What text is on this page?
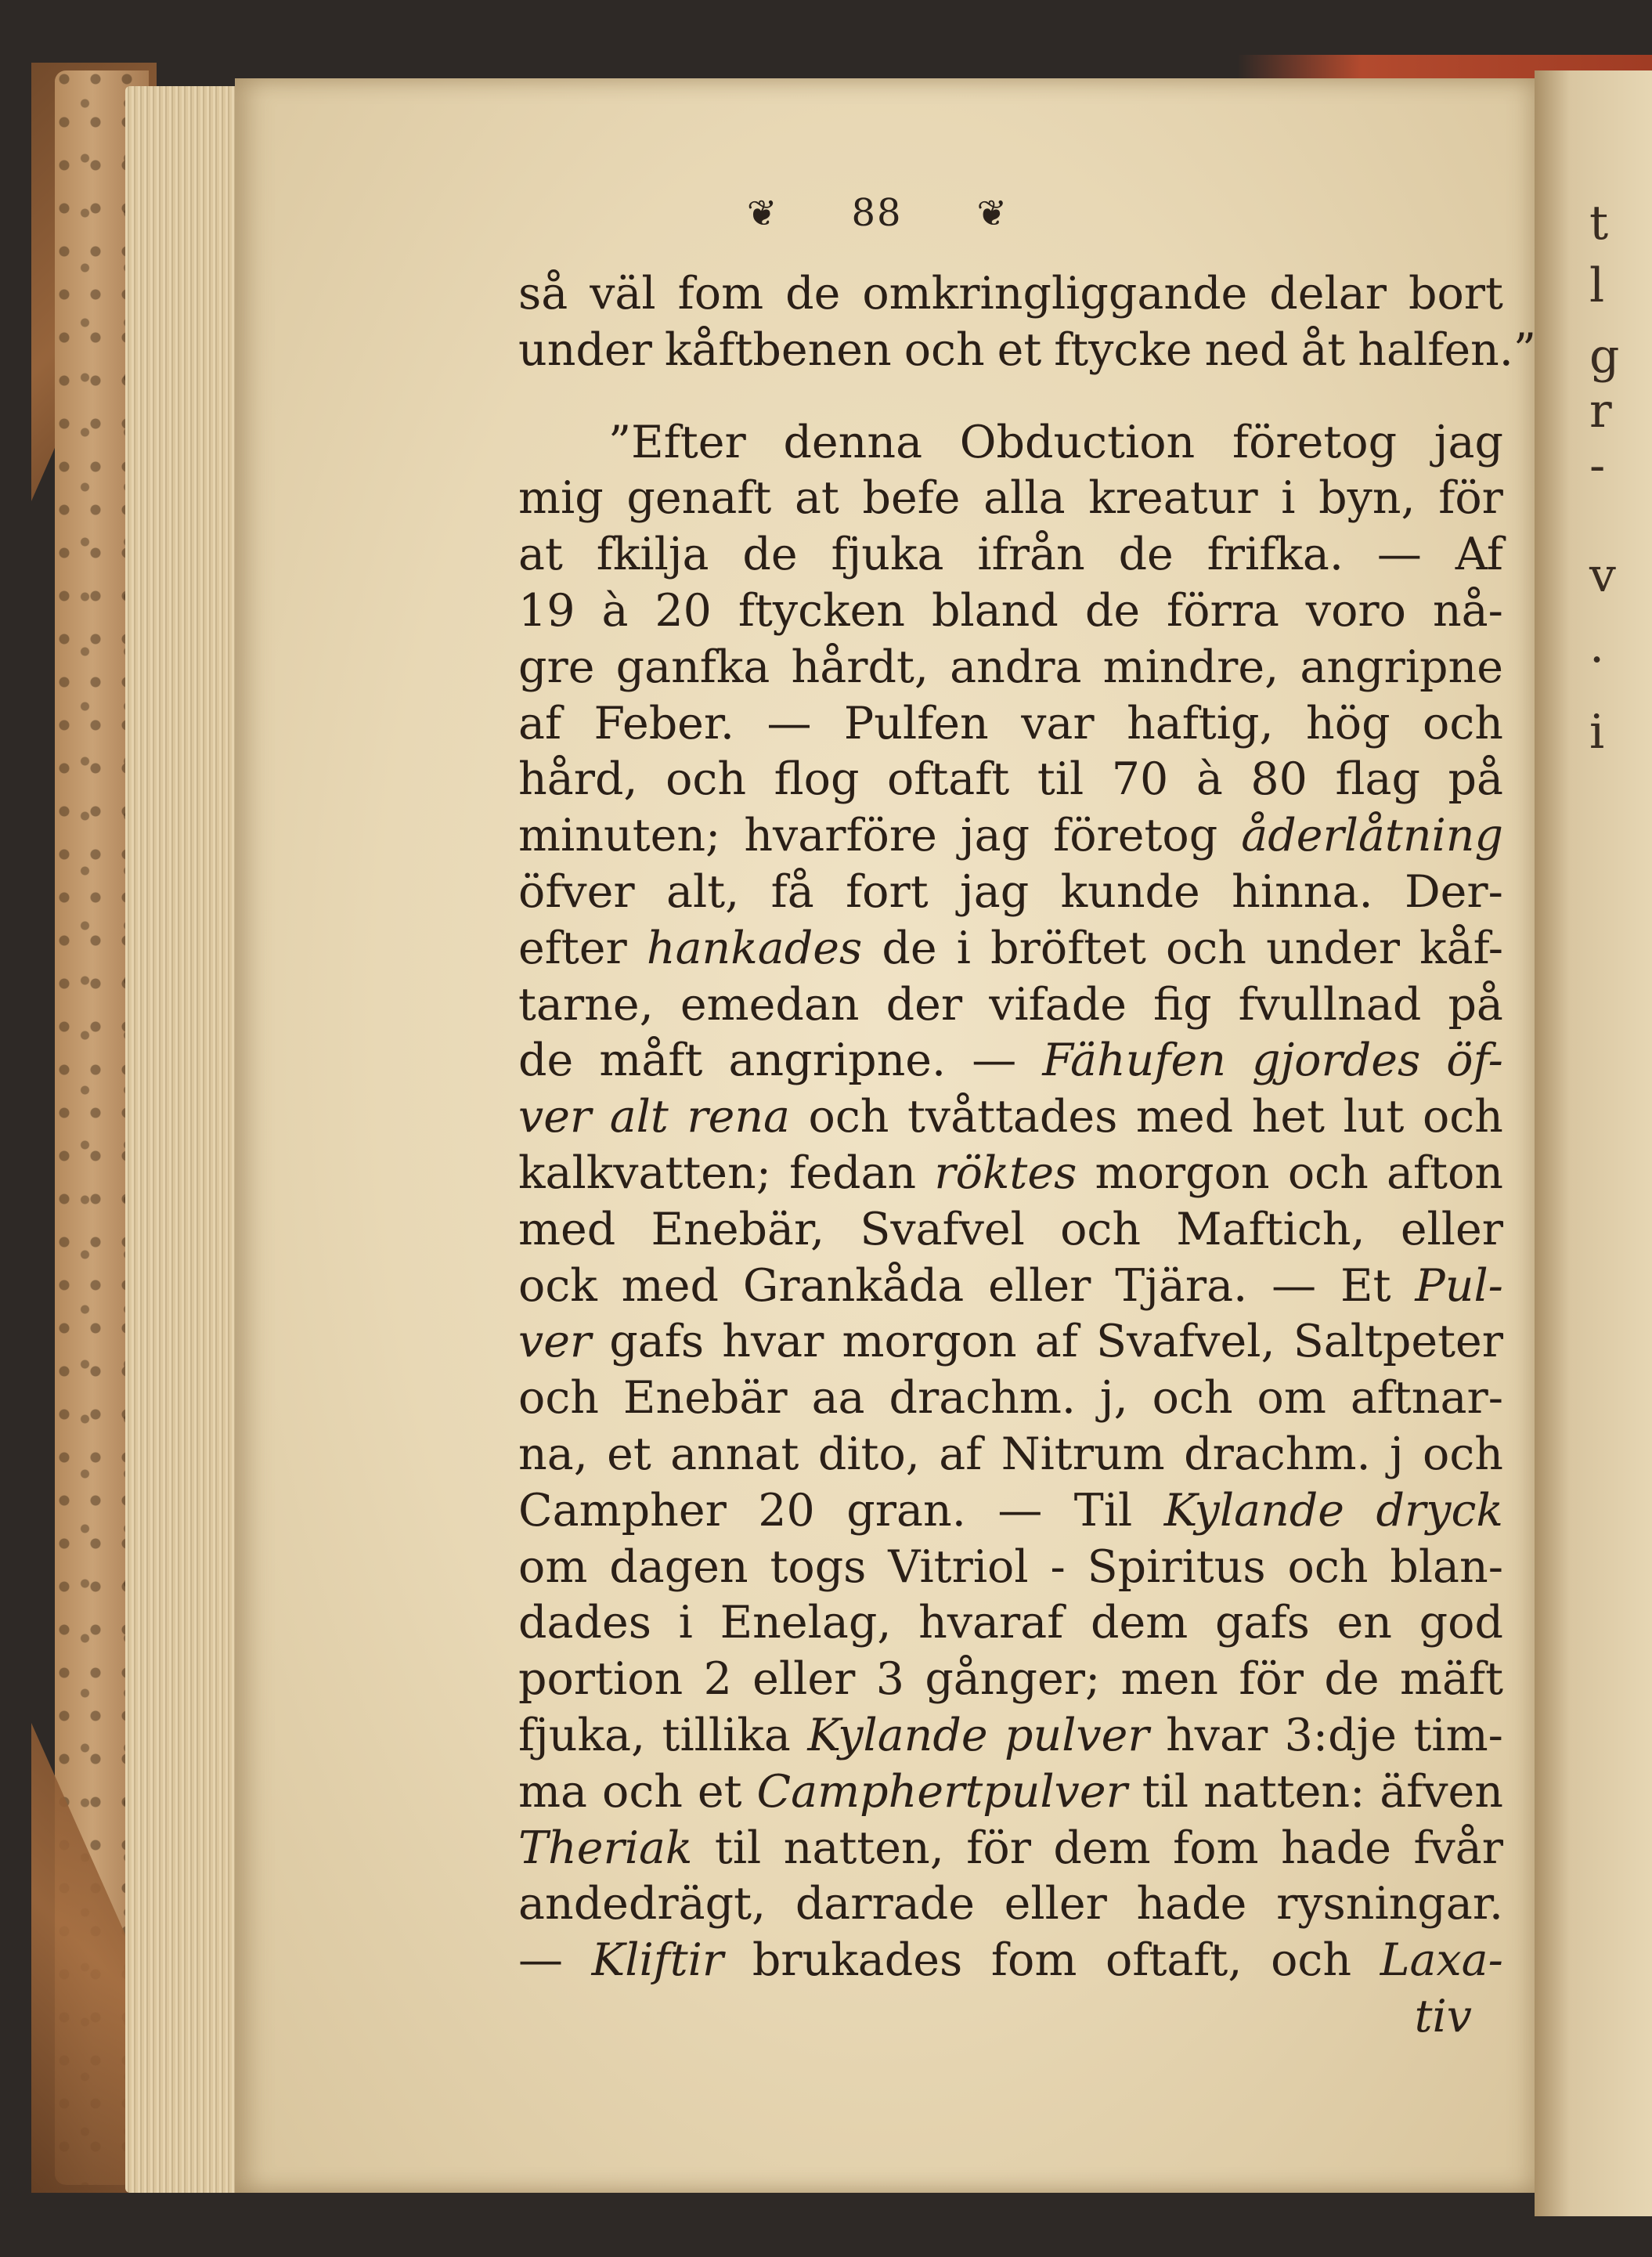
t
l
g
r
-
v
.
i
❦ 88 ❦
så väl fom de omkringliggande delar bort
under kåftbenen och et ftycke ned åt halfen.”
”Efter denna Obduction företog jag
mig genaft at befe alla kreatur i byn, för
at fkilja de fjuka ifrån de frifka. — Af
19 à 20 ftycken bland de förra voro nå-
gre ganfka hårdt, andra mindre, angripne
af Feber. — Pulfen var haftig, hög och
hård, och flog oftaft til 70 à 80 flag på
minuten; hvarföre jag företog åderlåtning
öfver alt, få fort jag kunde hinna. Der-
efter hankades de i bröftet och under kåf-
tarne, emedan der vifade fig fvullnad på
de måft angripne. — Fähufen gjordes öf-
ver alt rena och tvåttades med het lut och
kalkvatten; fedan röktes morgon och afton
med Enebär, Svafvel och Maftich, eller
ock med Grankåda eller Tjära. — Et Pul-
ver gafs hvar morgon af Svafvel, Saltpeter
och Enebär aa drachm. j, och om aftnar-
na, et annat dito, af Nitrum drachm. j och
Campher 20 gran. — Til Kylande dryck
om dagen togs Vitriol - Spiritus och blan-
dades i Enelag, hvaraf dem gafs en god
portion 2 eller 3 gånger; men för de mäft
fjuka, tillika Kylande pulver hvar 3:dje tim-
ma och et Camphertpulver til natten: äfven
Theriak til natten, för dem fom hade fvår
andedrägt, darrade eller hade rysningar.
— Kliftir brukades fom oftaft, och Laxa-
tiv
